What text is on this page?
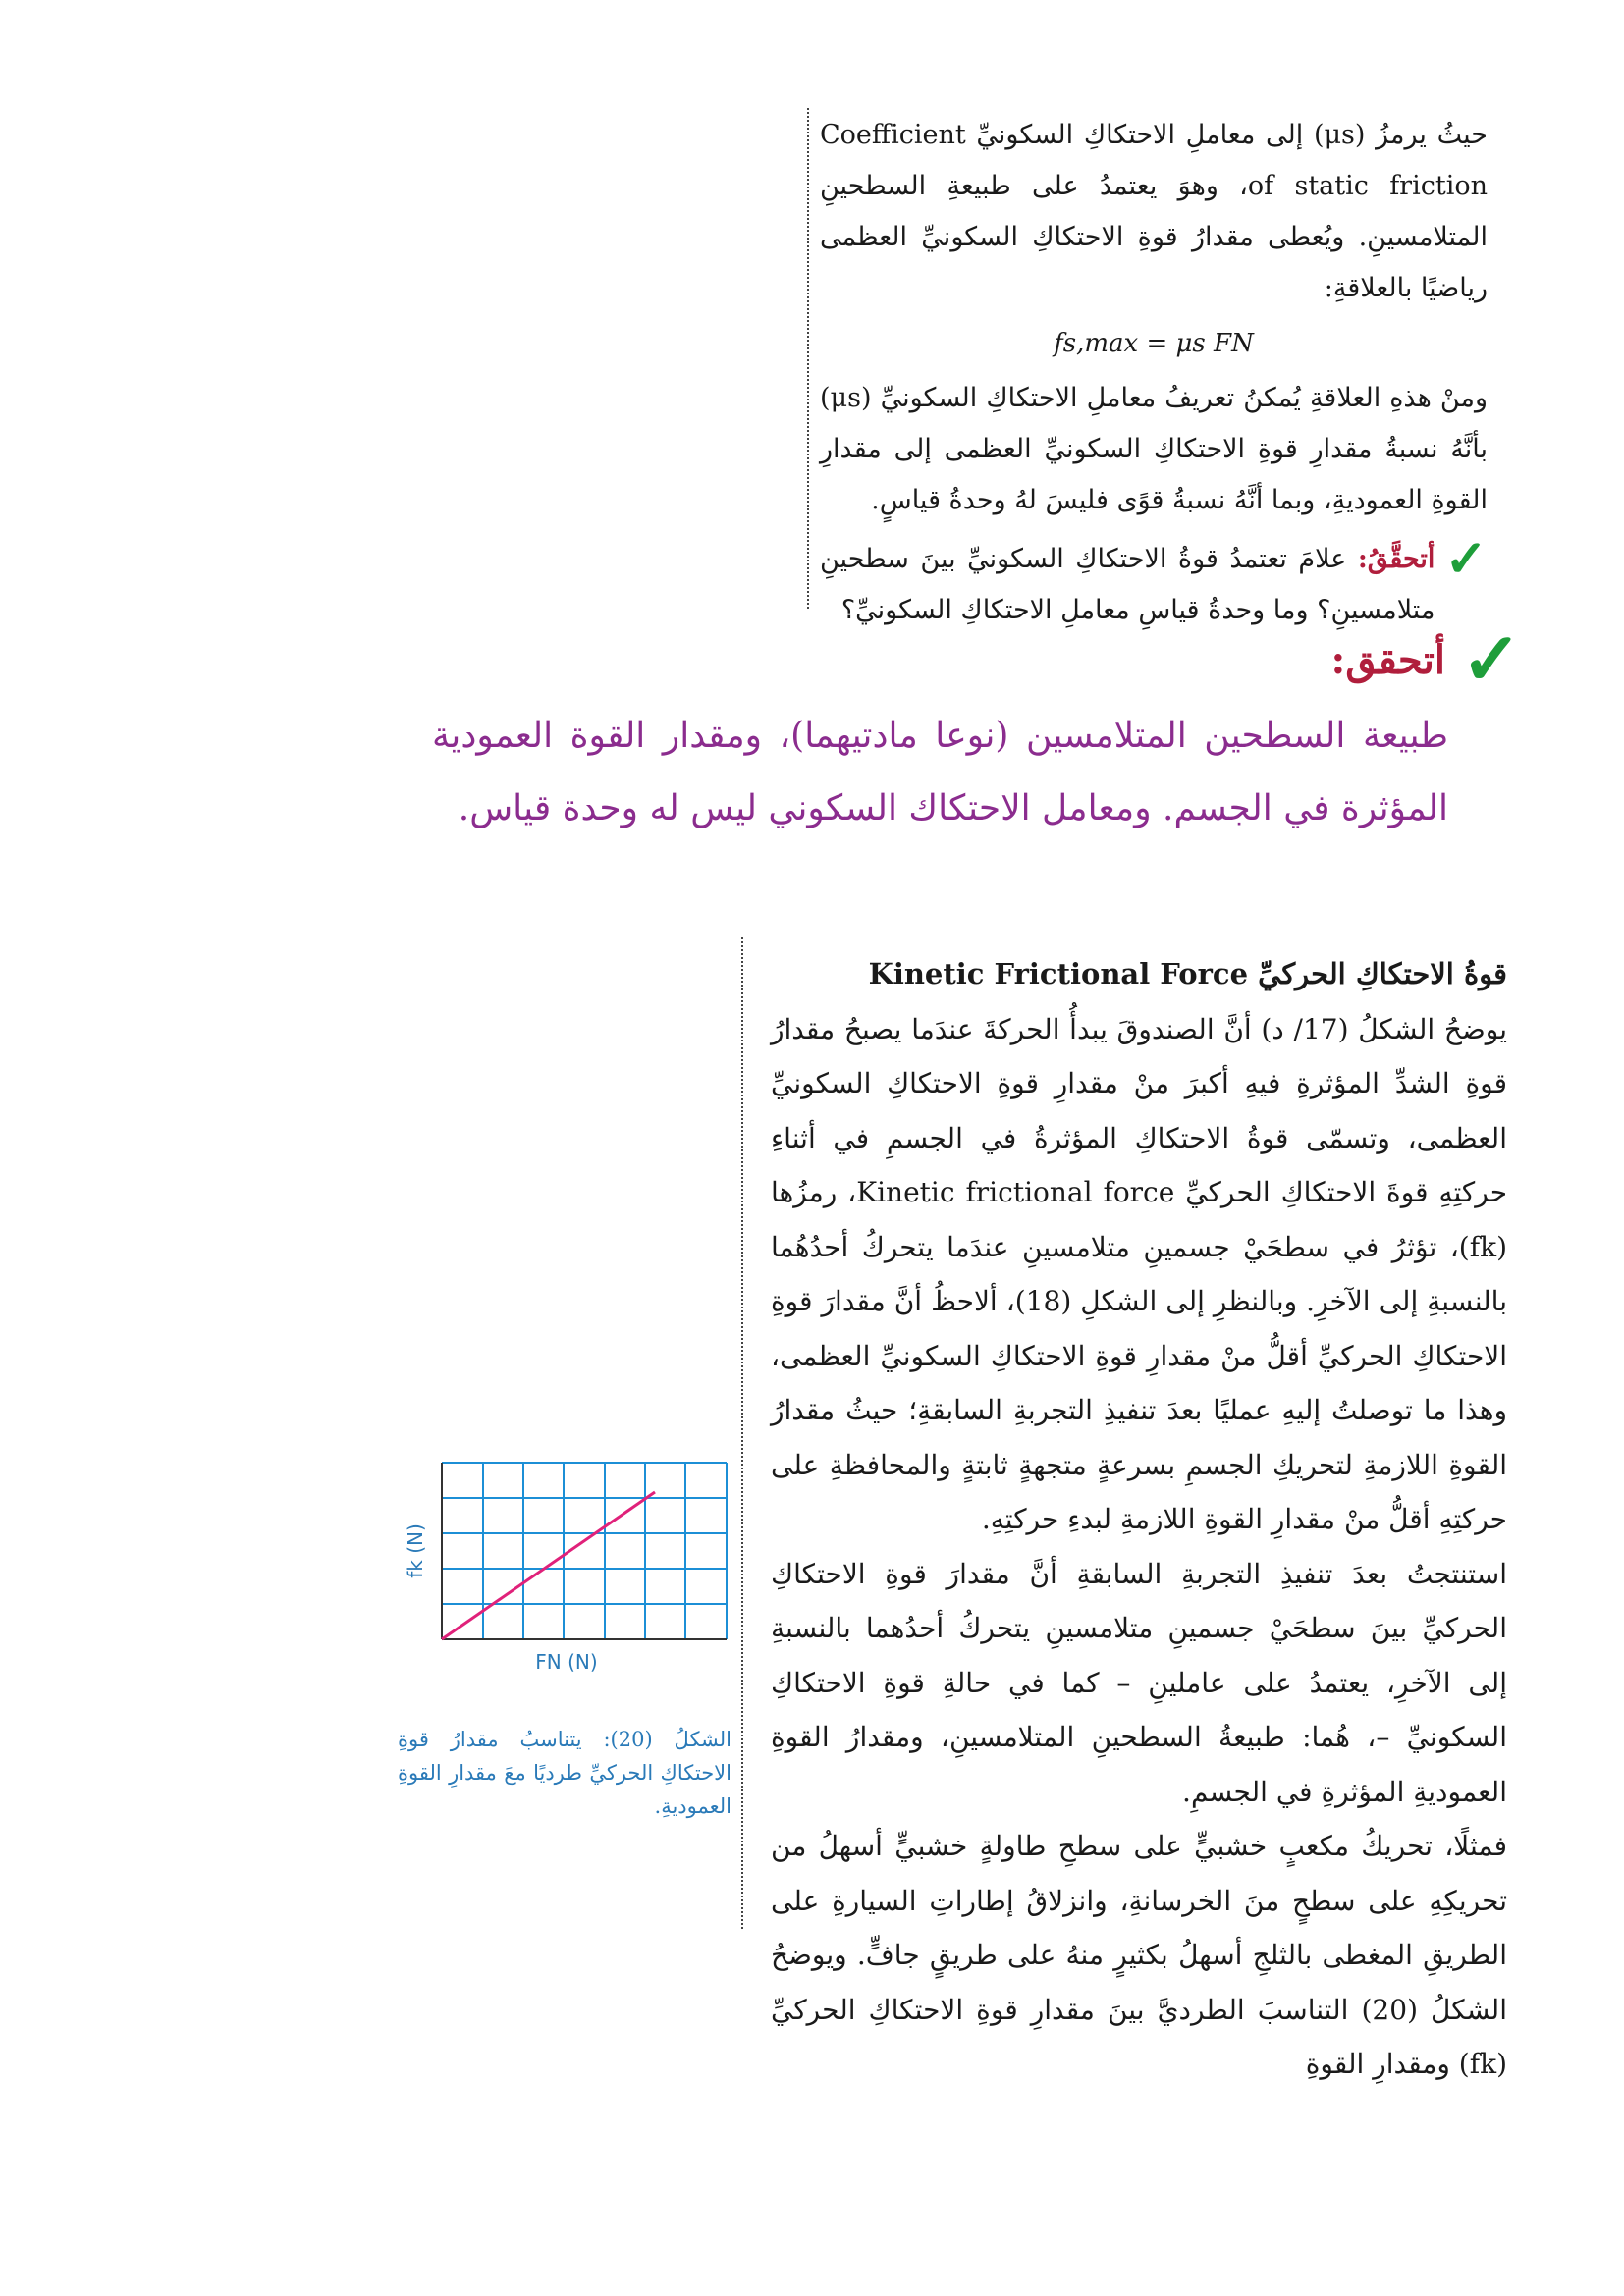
حيثُ يرمزُ (μs) إلى معاملِ الاحتكاكِ السكونيِّ Coefficient of static friction، وهوَ يعتمدُ على طبيعةِ السطحينِ المتلامسينِ. ويُعطى مقدارُ قوةِ الاحتكاكِ السكونيِّ العظمى رياضيًا بالعلاقةِ:

fs,max = μs FN

ومنْ هذهِ العلاقةِ يُمكنُ تعريفُ معاملِ الاحتكاكِ السكونيِّ (μs) بأنَّهُ نسبةُ مقدارِ قوةِ الاحتكاكِ السكونيِّ العظمى إلى مقدارِ القوةِ العموديةِ، وبما أنَّهُ نسبةُ قوًى فليسَ لهُ وحدةُ قياسٍ.

✓

أتحقَّقُ: علامَ تعتمدُ قوةُ الاحتكاكِ السكونيِّ بينَ سطحينِ متلامسينِ؟ وما وحدةُ قياسِ معاملِ الاحتكاكِ السكونيِّ؟

✓
أتحقق:

طبيعة السطحين المتلامسين (نوعا مادتيهما)، ومقدار القوة العمودية المؤثرة في الجسم. ومعامل الاحتكاك السكوني ليس له وحدة قياس.

قوةُ الاحتكاكِ الحركيِّ Kinetic Frictional Force

يوضحُ الشكلُ (17/ د) أنَّ الصندوقَ يبدأُ الحركةَ عندَما يصبحُ مقدارُ قوةِ الشدِّ المؤثرةِ فيهِ أكبرَ منْ مقدارِ قوةِ الاحتكاكِ السكونيِّ العظمى، وتسمّى قوةُ الاحتكاكِ المؤثرةُ في الجسمِ في أثناءِ حركتِهِ قوةَ الاحتكاكِ الحركيِّ Kinetic frictional force، رمزُها (fk)، تؤثرُ في سطحَيْ جسمينِ متلامسينِ عندَما يتحركُ أحدُهُما بالنسبةِ إلى الآخرِ. وبالنظرِ إلى الشكلِ (18)، ألاحظُ أنَّ مقدارَ قوةِ الاحتكاكِ الحركيِّ أقلُّ منْ مقدارِ قوةِ الاحتكاكِ السكونيِّ العظمى، وهذا ما توصلتُ إليهِ عمليًا بعدَ تنفيذِ التجربةِ السابقةِ؛ حيثُ مقدارُ القوةِ اللازمةِ لتحريكِ الجسمِ بسرعةٍ متجهةٍ ثابتةٍ والمحافظةِ على حركتِهِ أقلُّ منْ مقدارِ القوةِ اللازمةِ لبدءِ حركتِهِ.

استنتجتُ بعدَ تنفيذِ التجربةِ السابقةِ أنَّ مقدارَ قوةِ الاحتكاكِ الحركيِّ بينَ سطحَيْ جسمينِ متلامسينِ يتحركُ أحدُهما بالنسبةِ إلى الآخرِ، يعتمدُ على عاملينِ – كما في حالةِ قوةِ الاحتكاكِ السكونيِّ –، هُما: طبيعةُ السطحينِ المتلامسينِ، ومقدارُ القوةِ العموديةِ المؤثرةِ في الجسمِ.

فمثلًا، تحريكُ مكعبٍ خشبيٍّ على سطحِ طاولةٍ خشبيٍّ أسهلُ من تحريكِهِ على سطحٍ منَ الخرسانةِ، وانزلاقُ إطاراتِ السيارةِ على الطريقِ المغطى بالثلجِ أسهلُ بكثيرٍ منهُ على طريقٍ جافٍّ. ويوضحُ الشكلُ (20) التناسبَ الطرديَّ بينَ مقدارِ قوةِ الاحتكاكِ الحركيِّ (fk) ومقدارِ القوةِ

FN (N)
fk (N)
الشكلُ (20): يتناسبُ مقدارُ قوةِ الاحتكاكِ الحركيِّ طرديًا معَ مقدارِ القوةِ العموديةِ.
